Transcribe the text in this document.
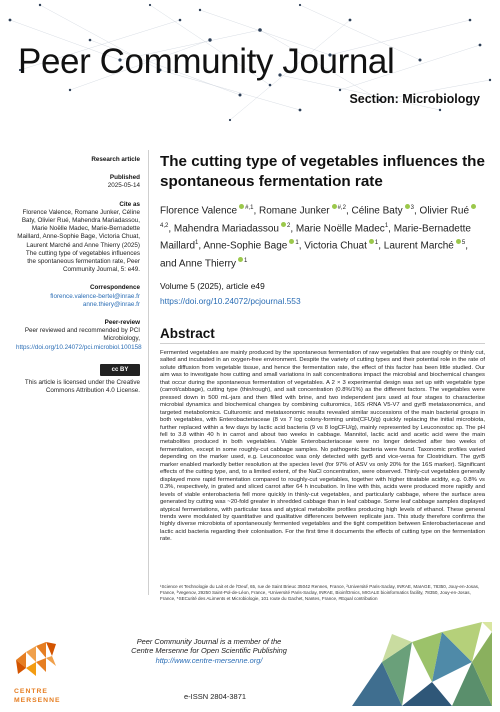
Peer Community Journal
Section: Microbiology
Research article
Published
2025-05-14
Cite as
Florence Valence, Romane Junker, Céline Baty, Olivier Rué, Mahendra Mariadassou, Marie Noëlle Madec, Marie-Bernadette Maillard, Anne-Sophie Bage, Victoria Chuat, Laurent Marché and Anne Thierry (2025) The cutting type of vegetables influences the spontaneous fermentation rate, Peer Community Journal, 5: e49.
Correspondence
florence.valence-bertel@inrae.fr
anne.thiery@inrae.fr
Peer-review
Peer reviewed and recommended by PCI Microbiology,
https://doi.org/10.24072/pci.microbiol.100158
cc BY
This article is licensed under the Creative Commons Attribution 4.0 License.
The cutting type of vegetables influences the spontaneous fermentation rate
Florence Valence $^{\#,1}$, Romane Junker $^{\#,2}$, Céline Baty $^3$, Olivier Rué$^{4,2}$, Mahendra Mariadassou $^2$, Marie Noëlle Madec$^1$, Marie-Bernadette Maillard$^1$, Anne-Sophie Bage $^1$, Victoria Chuat $^1$, Laurent Marché $^5$, and Anne Thierry $^1$
Volume 5 (2025), article e49
https://doi.org/10.24072/pcjournal.553
Abstract
Fermented vegetables are mainly produced by the spontaneous fermentation of raw vegetables that are roughly or thinly cut, salted and incubated in an oxygen-free environment. Despite the variety of cutting types and their potential role in the rate of solute diffusion from vegetable tissue, and hence the fermentation rate, the effect of this factor has been little studied. Our aim was to investigate how cutting and small variations in salt concentrations impact the microbial and biochemical changes that occur during the spontaneous fermentation of vegetables. A 2 × 3 experimental design was set up with vegetable type (carrot/cabbage), cutting type (thin/rough), and salt concentration (0.8%/1%) as the different factors. The vegetables were pressed down in 500 mL-jars and then filled with brine, and two independent jars used at four stages to characterise microbial dynamics and biochemical changes by combining culturomics, 16S rRNA V5-V7 and gyrB metataxonomics, and targeted metabolomics. Culturomic and metataxonomic results revealed similar successions of the main bacterial groups in both vegetables, with Enterobacteriaceae (8 vs 7 log colony-forming units(CFU)/g) quickly replacing the initial microbiota, further replaced within a few days by lactic acid bacteria (9 vs 8 logCFU/g), mainly represented by Leuconostoc sp. The pH fell to 3.8 within 40 h in carrot and about two weeks in cabbage. Mannitol, lactic acid and acetic acid were the main metabolites produced in both vegetables. Viable Enterobacteriaceae were no longer detected after two weeks of fermentation, except in some roughly-cut cabbage samples. No pathogenic bacteria were found. Taxonomic profiles varied depending on the marker used, e.g. Leuconostoc was only detected with gyrB and vice-versa for Clostridium. The gyrB marker enabled markedly better resolution at the species level (for 97% of ASV vs only 20% for the 16S marker). Significant effects of the cutting type, and, to a limited extent, of the NaCl concentration, were observed. Thinly-cut vegetables generally displayed more rapid fermentation compared to roughly-cut vegetables, together with higher titratable acidity, e.g. 0.8% vs 0.3%, respectively, in grated and sliced carrot after 64 h incubation. In line with this, acids were produced more rapidly and levels of viable enterobacteria fell more quickly in thinly-cut vegetables, and particularly cabbage, where the surface area generated by cutting was ~20-fold greater in shredded cabbage than in leaf cabbage. Some leaf cabbage samples displayed atypical fermentations, with particular taxa and atypical metabolite profiles producing high levels of ethanol. These general trends were modulated by quantitative and qualitative differences between replicate jars. This study therefore confirms the highly diverse microbiota of spontaneously fermented vegetables and the tight competition between Enterobacteriaceae and lactic acid bacteria regarding their colonisation. For the first time it documents the effects of cutting type on the fermentation rate.
¹Science et Technologie du Lait et de l'Oeuf, 65, rue de Saint Brieuc 35042 Rennes, France, ²Université Paris-Saclay, INRAE, MaIAGE, 78350, Jouy-en-Josas, France, ³Vegenov, 29250 Saint-Pol-de-Léon, France, ⁴Université Paris-Saclay, INRAE, BioinfOmics, MIGALE bioinformatics facility, 78350, Jouy-en-Josas, France, ⁵SECurité des ALiments et Microbiologie, 101 route du Gachet, Nantes, France, #Equal contribution
CENTRE
MERSENNE
Peer Community Journal is a member of the
Centre Mersenne for Open Scientific Publishing
http://www.centre-mersenne.org/
e-ISSN 2804-3871
